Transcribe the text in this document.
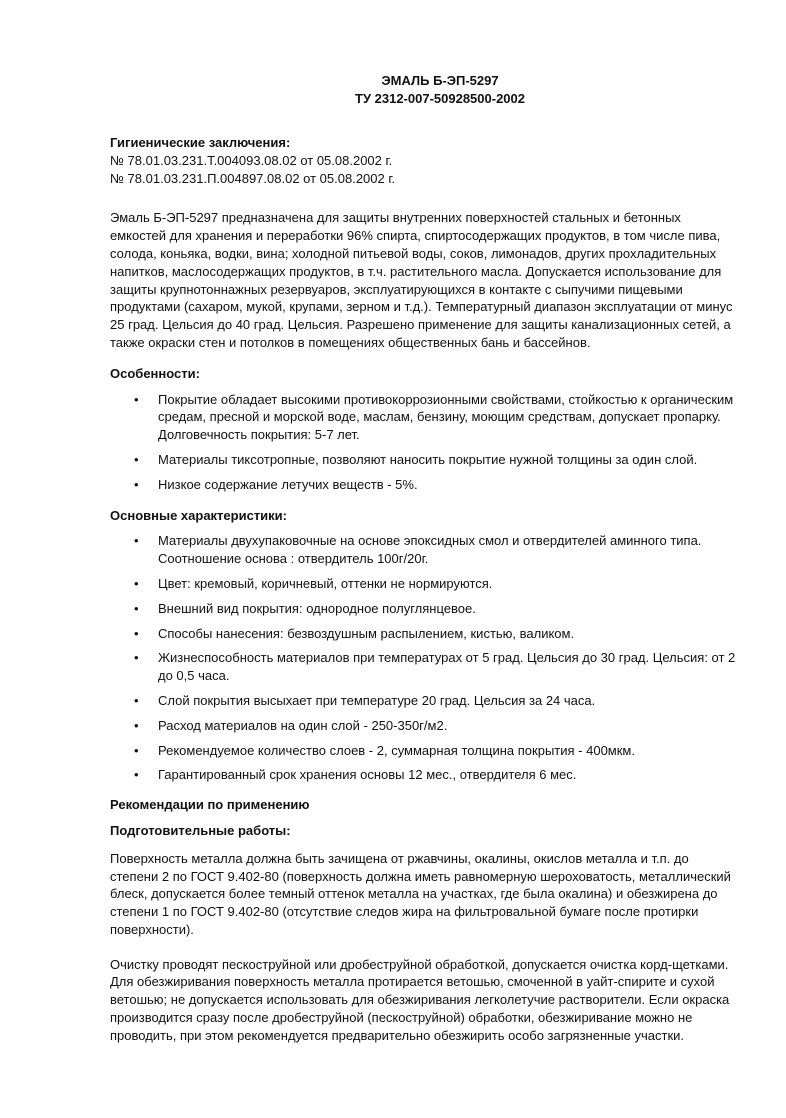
ЭМАЛЬ Б-ЭП-5297
ТУ 2312-007-50928500-2002
Гигиенические заключения:
№ 78.01.03.231.Т.004093.08.02 от 05.08.2002 г.
№ 78.01.03.231.П.004897.08.02 от 05.08.2002 г.
Эмаль Б-ЭП-5297 предназначена для защиты внутренних поверхностей стальных и бетонных емкостей для хранения и переработки 96% спирта, спиртосодержащих продуктов, в том числе пива, солода, коньяка, водки, вина; холодной питьевой воды, соков, лимонадов, других прохладительных напитков, маслосодержащих продуктов, в т.ч. растительного масла. Допускается использование для защиты крупнотоннажных резервуаров, эксплуатирующихся в контакте с сыпучими пищевыми продуктами (сахаром, мукой, крупами, зерном и т.д.). Температурный диапазон эксплуатации от минус 25 град. Цельсия до 40 град. Цельсия. Разрешено применение для защиты канализационных сетей, а также окраски стен и потолков в помещениях общественных бань и бассейнов.
Особенности:
• Покрытие обладает высокими противокоррозионными свойствами, стойкостью к органическим средам, пресной и морской воде, маслам, бензину, моющим средствам, допускает пропарку. Долговечность покрытия: 5-7 лет.
• Материалы тиксотропные, позволяют наносить покрытие нужной толщины за один слой.
• Низкое содержание летучих веществ - 5%.
Основные характеристики:
• Материалы двухупаковочные на основе эпоксидных смол и отвердителей аминного типа. Соотношение основа : отвердитель 100г/20г.
• Цвет: кремовый, коричневый, оттенки не нормируются.
• Внешний вид покрытия: однородное полуглянцевое.
• Способы нанесения: безвоздушным распылением, кистью, валиком.
• Жизнеспособность материалов при температурах от 5 град. Цельсия до 30 град. Цельсия: от 2 до 0,5 часа.
• Слой покрытия высыхает при температуре 20 град. Цельсия за 24 часа.
• Расход материалов на один слой - 250-350г/м2.
• Рекомендуемое количество слоев - 2, суммарная толщина покрытия - 400мкм.
• Гарантированный срок хранения основы 12 мес., отвердителя 6 мес.
Рекомендации по применению
Подготовительные работы:
Поверхность металла должна быть зачищена от ржавчины, окалины, окислов металла и т.п. до степени 2 по ГОСТ 9.402-80 (поверхность должна иметь равномерную шероховатость, металлический блеск, допускается более темный оттенок металла на участках, где была окалина) и обезжирена до степени 1 по ГОСТ 9.402-80 (отсутствие следов жира на фильтровальной бумаге после протирки поверхности).
Очистку проводят пескоструйной или дробеструйной обработкой, допускается очистка корд-щетками. Для обезжиривания поверхность металла протирается ветошью, смоченной в уайт-спирите и сухой ветошью; не допускается использовать для обезжиривания легколетучие растворители. Если окраска производится сразу после дробеструйной (пескоструйной) обработки, обезжиривание можно не проводить, при этом рекомендуется предварительно обезжирить особо загрязненные участки.
